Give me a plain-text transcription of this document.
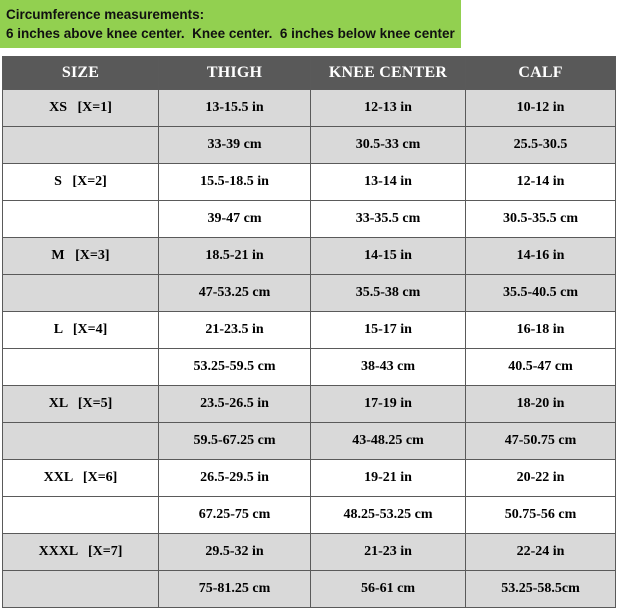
Circumference measurements:
6 inches above knee center.  Knee center.  6 inches below knee center
SIZE	THIGH	KNEE CENTER	CALF
XS   [X=1]	13-15.5 in	12-13 in	10-12 in
	33-39 cm	30.5-33 cm	25.5-30.5
S   [X=2]	15.5-18.5 in	13-14 in	12-14 in
	39-47 cm	33-35.5 cm	30.5-35.5 cm
M   [X=3]	18.5-21 in	14-15 in	14-16 in
	47-53.25 cm	35.5-38 cm	35.5-40.5 cm
L   [X=4]	21-23.5 in	15-17 in	16-18 in
	53.25-59.5 cm	38-43 cm	40.5-47 cm
XL   [X=5]	23.5-26.5 in	17-19 in	18-20 in
	59.5-67.25 cm	43-48.25 cm	47-50.75 cm
XXL   [X=6]	26.5-29.5 in	19-21 in	20-22 in
	67.25-75 cm	48.25-53.25 cm	50.75-56 cm
XXXL   [X=7]	29.5-32 in	21-23 in	22-24 in
	75-81.25 cm	56-61 cm	53.25-58.5cm
